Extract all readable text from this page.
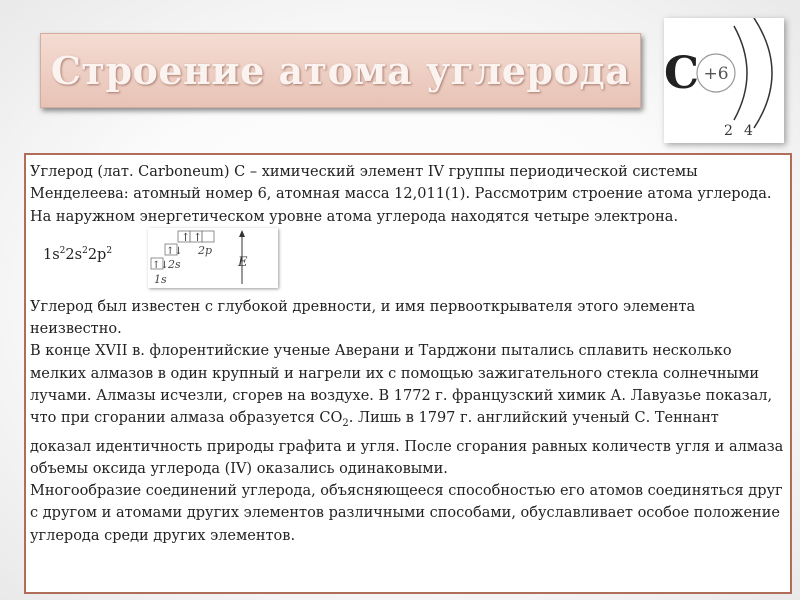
Строение атома углерода C +6
2 4

Углерод (лат. Carboneum) С – химический элемент IV группы периодической системы Менделеева: атомный номер 6, атомная масса 12,011(1). Рассмотрим строение атома углерода. На наружном энергетическом уровне атома углерода находятся четыре электрона.

$1s^22s^22p^2$
↑ ↑
2p
↑↓
2s
↑↓
1s
E

Углерод был известен с глубокой древности, и имя первооткрывателя этого элемента неизвестно.

В конце XVII в. флорентийские ученые Аверани и Тарджони пытались сплавить несколько мелких алмазов в один крупный и нагрели их с помощью зажигательного стекла солнечными лучами. Алмазы исчезли, сгорев на воздухе. В 1772 г. французский химик А. Лавуазье показал, что при сгорании алмаза образуется $CO_2$. Лишь в 1797 г. английский ученый С. Теннант доказал идентичность природы графита и угля. После сгорания равных количеств угля и алмаза объемы оксида углерода (IV) оказались одинаковыми.

Многообразие соединений углерода, объясняющееся способностью его атомов соединяться друг с другом и атомами других элементов различными способами, обуславливает особое положение углерода среди других элементов.
